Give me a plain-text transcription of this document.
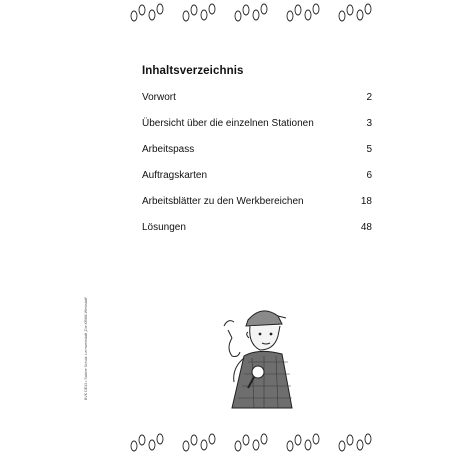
Inhaltsverzeichnis
Vorwort	2
Übersicht über die einzelnen Stationen	3
Arbeitspass	5
Auftragskarten	6
Arbeitsblätter zu den Werkbereichen	18
Lösungen	48
BVK DE33 • Sabine Schulz: Lernwerkstatt „Die KRIMI-Werkstatt“
